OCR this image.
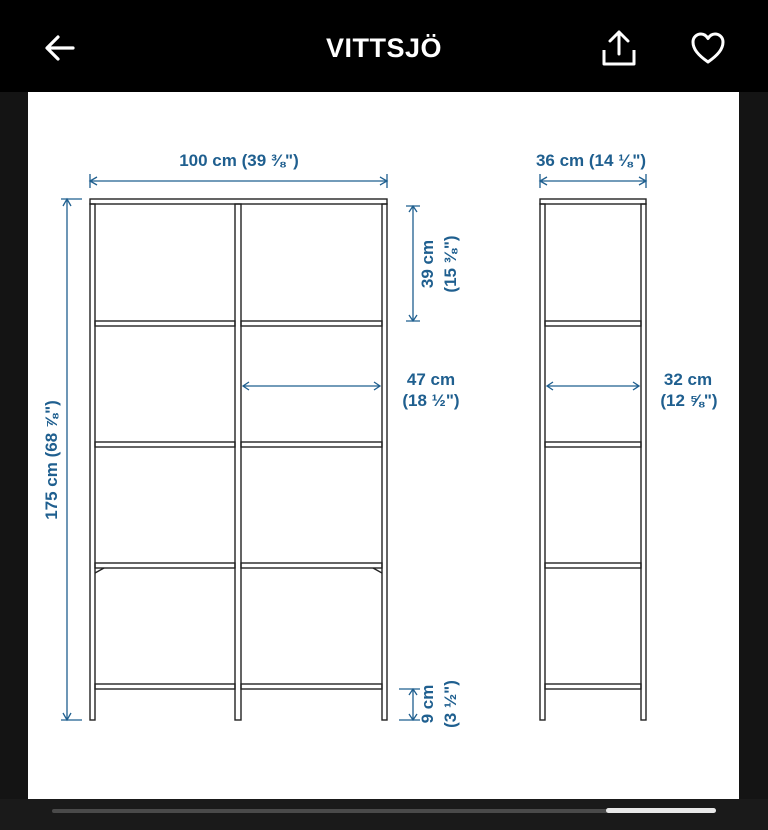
VITTSJÖ
100 cm (39 ⅜")
175 cm (68 ⅞")
39 cm (15 ⅜")
47 cm
(18 ½")
9 cm (3 ½")
36 cm (14 ⅛")
32 cm
(12 ⅝")
